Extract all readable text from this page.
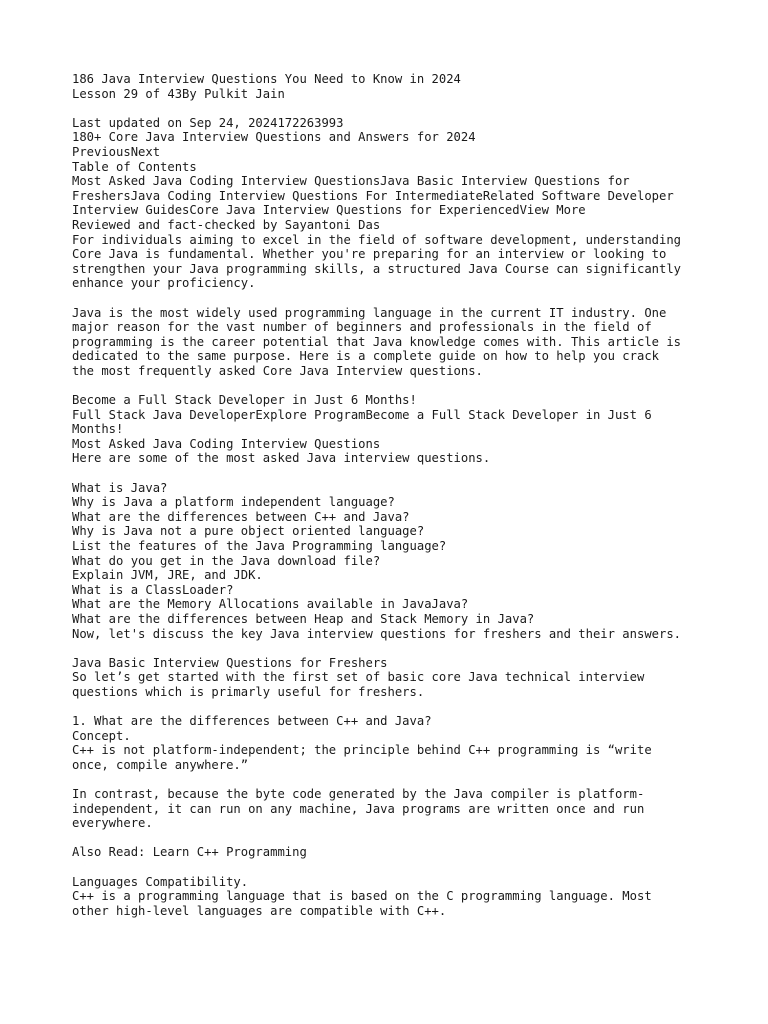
186 Java Interview Questions You Need to Know in 2024
Lesson 29 of 43By Pulkit Jain
Last updated on Sep 24, 2024172263993
180+ Core Java Interview Questions and Answers for 2024
PreviousNext
Table of Contents
Most Asked Java Coding Interview QuestionsJava Basic Interview Questions for
FreshersJava Coding Interview Questions For IntermediateRelated Software Developer
Interview GuidesCore Java Interview Questions for ExperiencedView More
Reviewed and fact-checked by Sayantoni Das
For individuals aiming to excel in the field of software development, understanding
Core Java is fundamental. Whether you're preparing for an interview or looking to
strengthen your Java programming skills, a structured Java Course can significantly
enhance your proficiency.
Java is the most widely used programming language in the current IT industry. One
major reason for the vast number of beginners and professionals in the field of
programming is the career potential that Java knowledge comes with. This article is
dedicated to the same purpose. Here is a complete guide on how to help you crack
the most frequently asked Core Java Interview questions.
Become a Full Stack Developer in Just 6 Months!
Full Stack Java DeveloperExplore ProgramBecome a Full Stack Developer in Just 6
Months!
Most Asked Java Coding Interview Questions
Here are some of the most asked Java interview questions.
What is Java?
Why is Java a platform independent language?
What are the differences between C++ and Java?
Why is Java not a pure object oriented language?
List the features of the Java Programming language?
What do you get in the Java download file?
Explain JVM, JRE, and JDK.
What is a ClassLoader?
What are the Memory Allocations available in JavaJava?
What are the differences between Heap and Stack Memory in Java?
Now, let's discuss the key Java interview questions for freshers and their answers.
Java Basic Interview Questions for Freshers
So let’s get started with the first set of basic core Java technical interview
questions which is primarly useful for freshers.
1. What are the differences between C++ and Java?
Concept.
C++ is not platform-independent; the principle behind C++ programming is “write
once, compile anywhere.”
In contrast, because the byte code generated by the Java compiler is platform-
independent, it can run on any machine, Java programs are written once and run
everywhere.
Also Read: Learn C++ Programming
Languages Compatibility.
C++ is a programming language that is based on the C programming language. Most
other high-level languages are compatible with C++.
